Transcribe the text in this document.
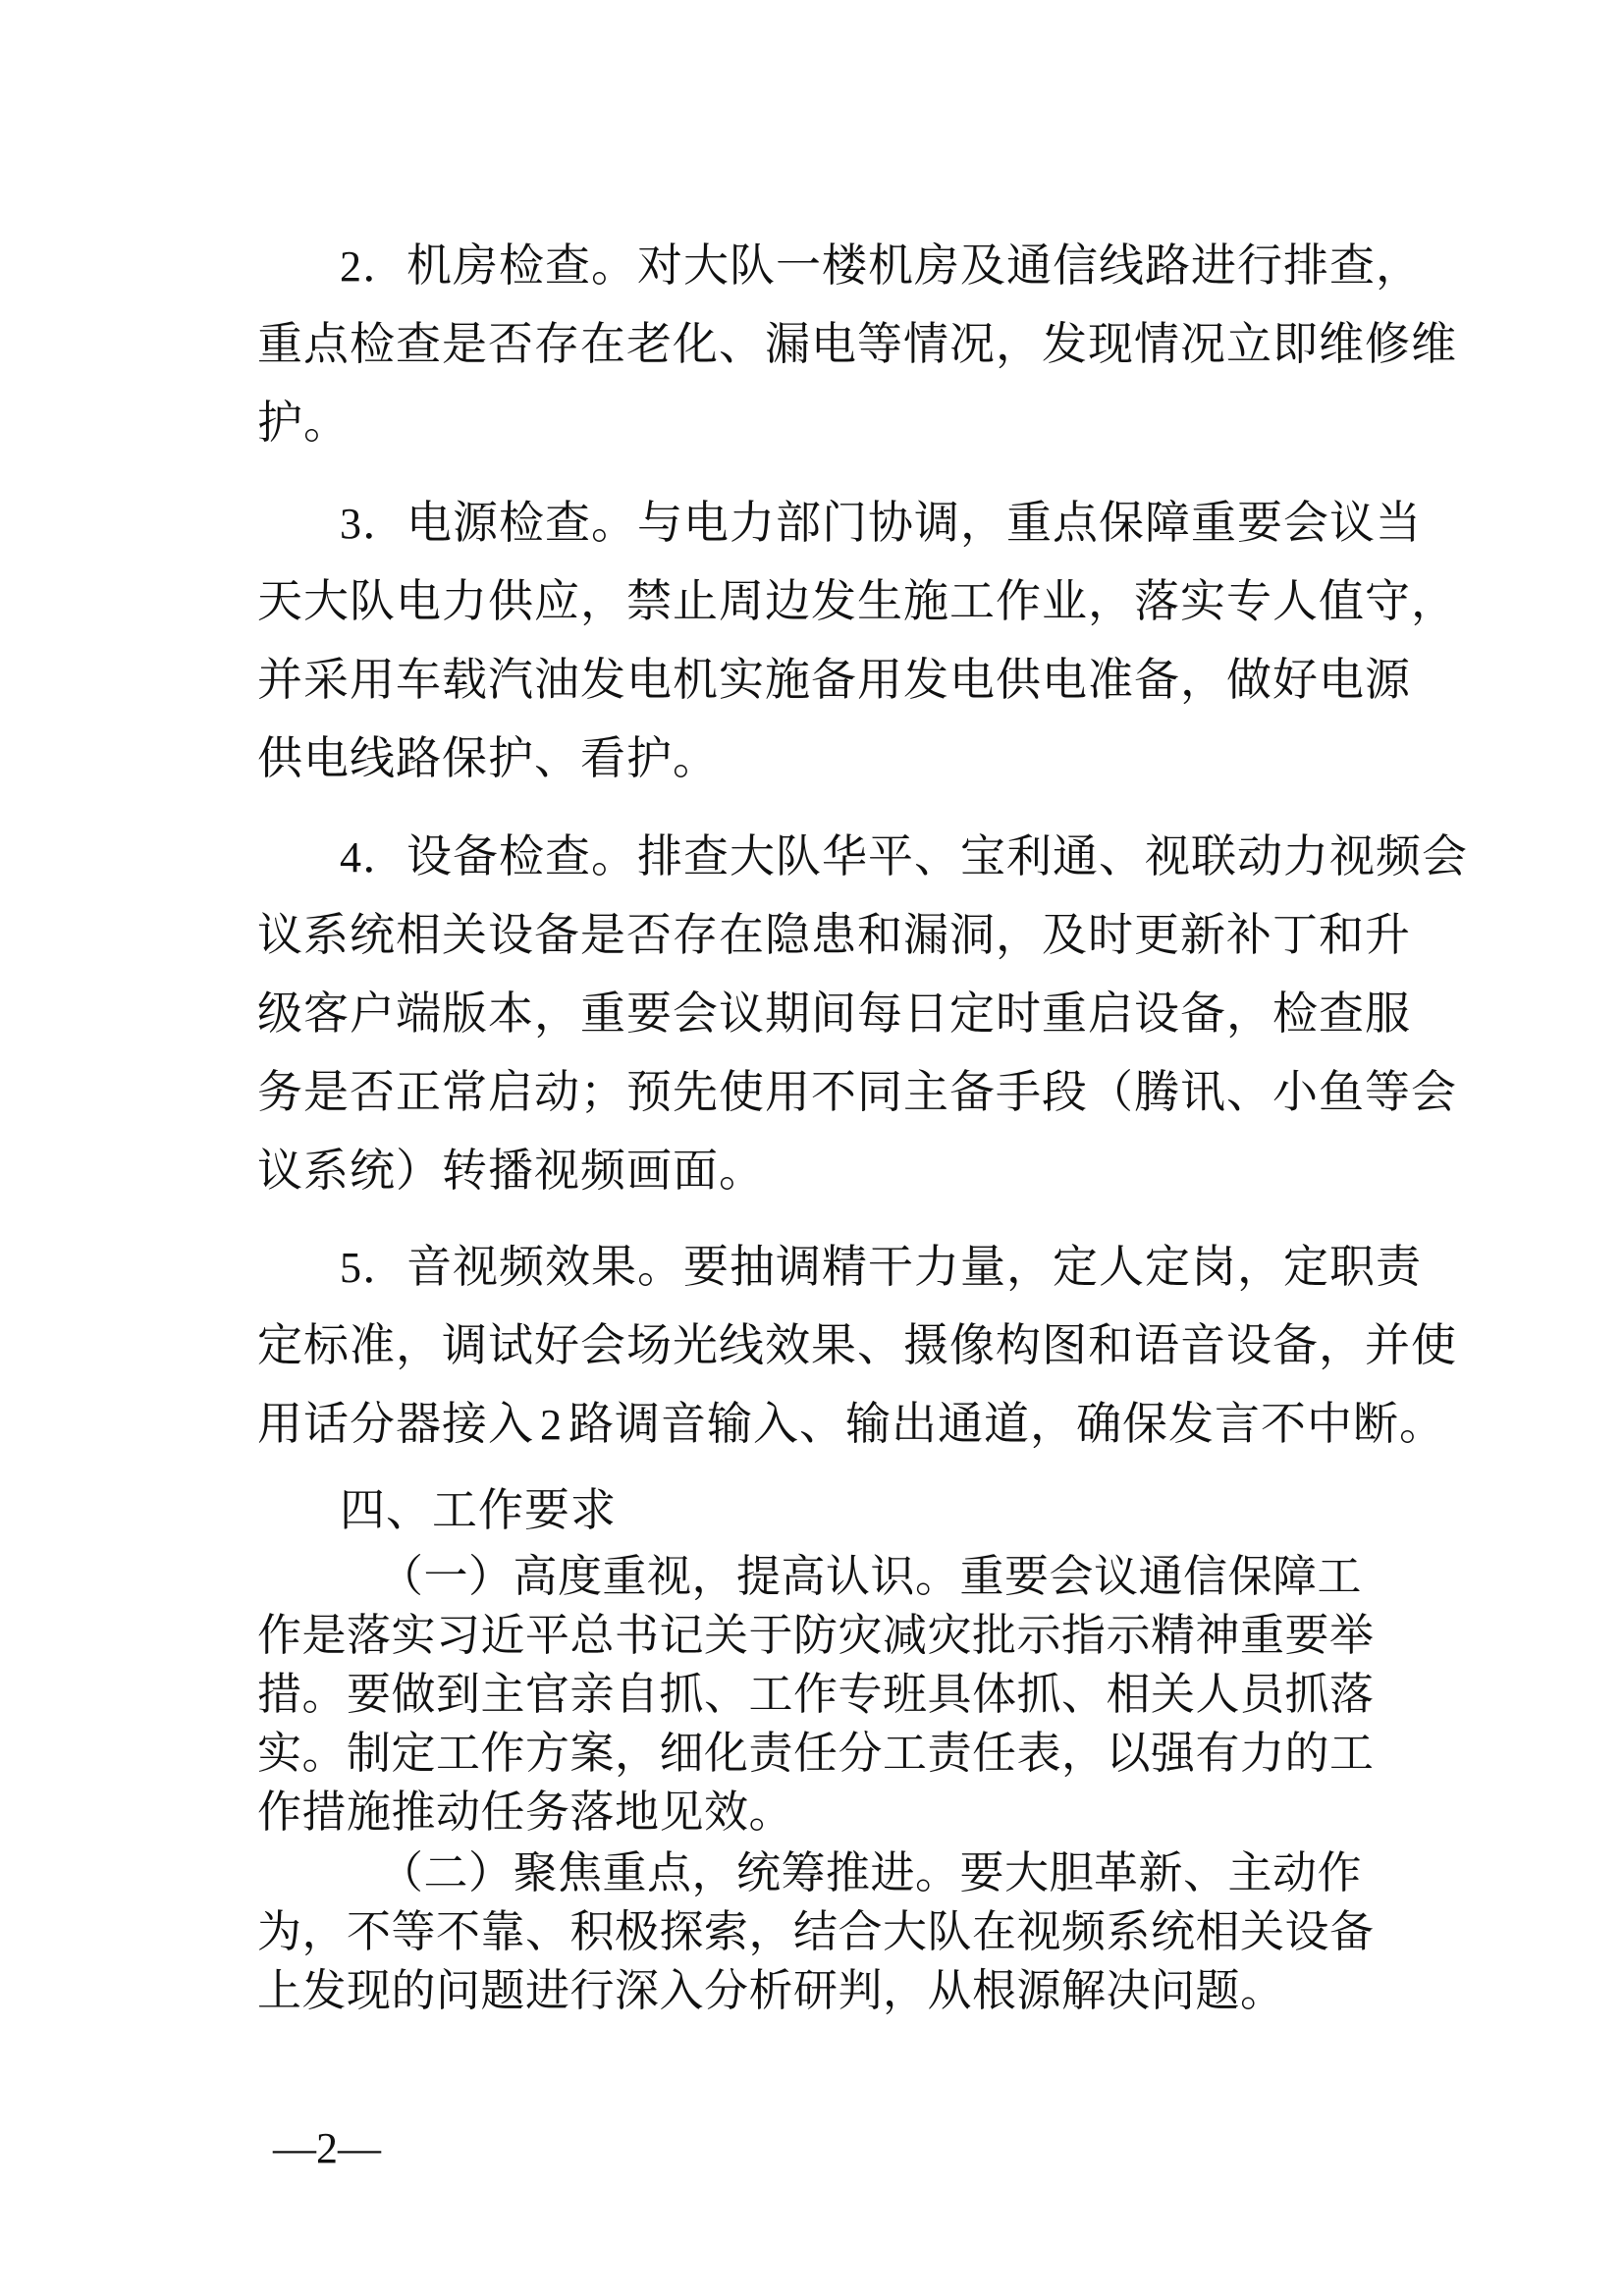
2．机房检查。对大队一楼机房及通信线路进行排查，
重点检查是否存在老化、漏电等情况，发现情况立即维修维
护。
3．电源检查。与电力部门协调，重点保障重要会议当
天大队电力供应，禁止周边发生施工作业，落实专人值守，
并采用车载汽油发电机实施备用发电供电准备，做好电源
供电线路保护、看护。
4．设备检查。排查大队华平、宝利通、视联动力视频会
议系统相关设备是否存在隐患和漏洞，及时更新补丁和升
级客户端版本，重要会议期间每日定时重启设备，检查服
务是否正常启动；预先使用不同主备手段（腾讯、小鱼等会
议系统）转播视频画面。
5．音视频效果。要抽调精干力量，定人定岗，定职责
定标准，调试好会场光线效果、摄像构图和语音设备，并使
用话分器接入 2 路调音输入、输出通道，确保发言不中断。
四、工作要求
（一）高度重视，提高认识。重要会议通信保障工
作是落实习近平总书记关于防灾减灾批示指示精神重要举
措。要做到主官亲自抓、工作专班具体抓、相关人员抓落
实。制定工作方案，细化责任分工责任表，以强有力的工
作措施推动任务落地见效。
（二）聚焦重点，统筹推进。要大胆革新、主动作
为，不等不靠、积极探索，结合大队在视频系统相关设备
上发现的问题进行深入分析研判，从根源解决问题。
—2—
